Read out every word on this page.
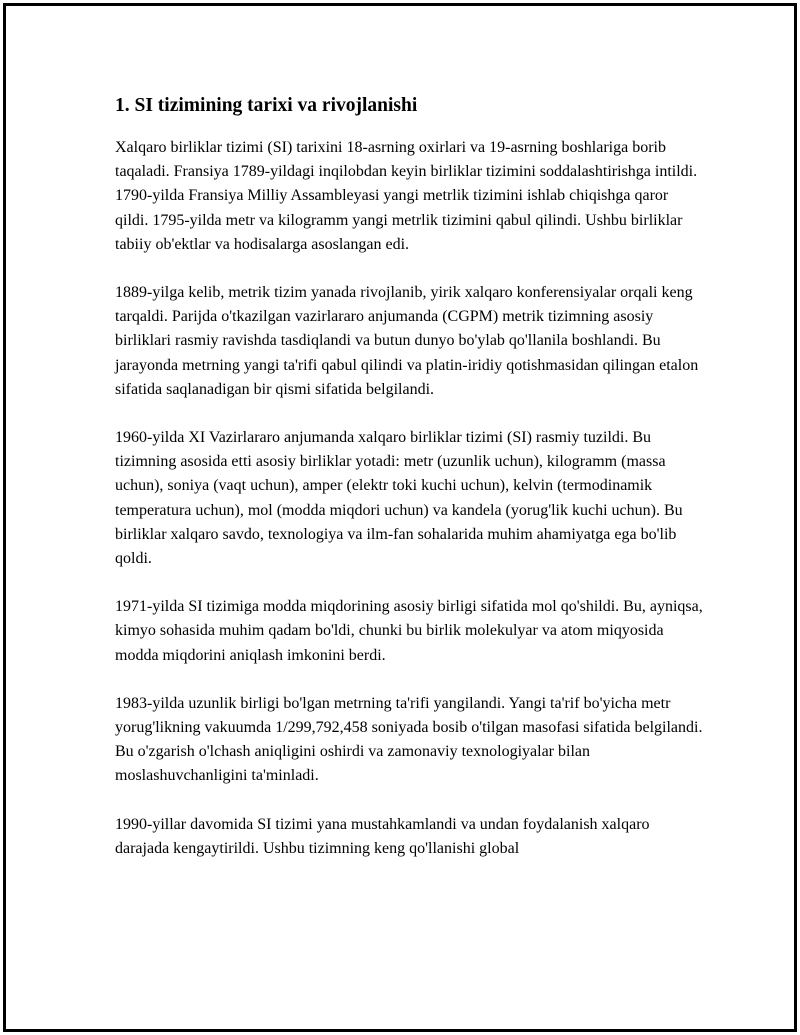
1. SI tizimining tarixi va rivojlanishi

Xalqaro birliklar tizimi (SI) tarixini 18-asrning oxirlari va 19-asrning boshlariga borib taqaladi. Fransiya 1789-yildagi inqilobdan keyin birliklar tizimini soddalashtirishga intildi. 1790-yilda Fransiya Milliy Assambleyasi yangi metrlik tizimini ishlab chiqishga qaror qildi. 1795-yilda metr va kilogramm yangi metrlik tizimini qabul qilindi. Ushbu birliklar tabiiy ob'ektlar va hodisalarga asoslangan edi.

1889-yilga kelib, metrik tizim yanada rivojlanib, yirik xalqaro konferensiyalar orqali keng tarqaldi. Parijda o'tkazilgan vazirlararo anjumanda (CGPM) metrik tizimning asosiy birliklari rasmiy ravishda tasdiqlandi va butun dunyo bo'ylab qo'llanila boshlandi. Bu jarayonda metrning yangi ta'rifi qabul qilindi va platin-iridiy qotishmasidan qilingan etalon sifatida saqlanadigan bir qismi sifatida belgilandi.

1960-yilda XI Vazirlararo anjumanda xalqaro birliklar tizimi (SI) rasmiy tuzildi. Bu tizimning asosida etti asosiy birliklar yotadi: metr (uzunlik uchun), kilogramm (massa uchun), soniya (vaqt uchun), amper (elektr toki kuchi uchun), kelvin (termodinamik temperatura uchun), mol (modda miqdori uchun) va kandela (yorug'lik kuchi uchun). Bu birliklar xalqaro savdo, texnologiya va ilm-fan sohalarida muhim ahamiyatga ega bo'lib qoldi.

1971-yilda SI tizimiga modda miqdorining asosiy birligi sifatida mol qo'shildi. Bu, ayniqsa, kimyo sohasida muhim qadam bo'ldi, chunki bu birlik molekulyar va atom miqyosida modda miqdorini aniqlash imkonini berdi.

1983-yilda uzunlik birligi bo'lgan metrning ta'rifi yangilandi. Yangi ta'rif bo'yicha metr yorug'likning vakuumda 1/299,792,458 soniyada bosib o'tilgan masofasi sifatida belgilandi. Bu o'zgarish o'lchash aniqligini oshirdi va zamonaviy texnologiyalar bilan moslashuvchanligini ta'minladi.

1990-yillar davomida SI tizimi yana mustahkamlandi va undan foydalanish xalqaro darajada kengaytirildi. Ushbu tizimning keng qo'llanishi global
